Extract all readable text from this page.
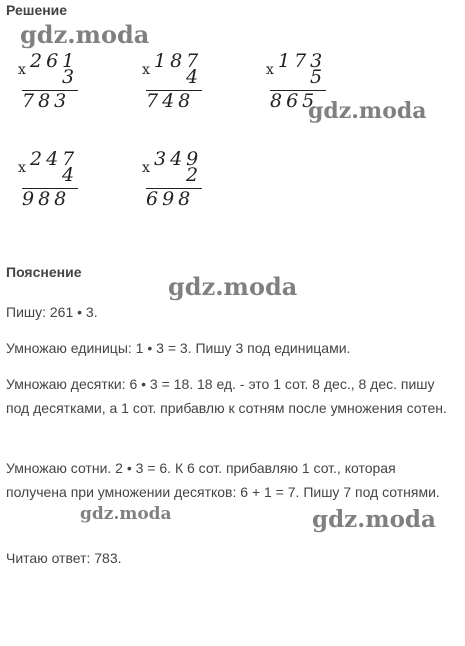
Решение
x 261
3
783
x 187
4
748
x 173
5
865
x 247
4
988
x 349
2
698
Пояснение
Пишу: 261 • 3.
Умножаю единицы: 1 • 3 = 3. Пишу 3 под единицами.
Умножаю десятки: 6 • 3 = 18. 18 ед. - это 1 сот. 8 дес., 8 дес. пишу под десятками, а 1 сот. прибавлю к сотням после умножения сотен.
Умножаю сотни. 2 • 3 = 6. К 6 сот. прибавляю 1 сот., которая получена при умножении десятков: 6 + 1 = 7. Пишу 7 под сотнями.
Читаю ответ: 783.
gdz.moda
gdz.moda
gdz.moda
gdz.moda	gdz.moda
